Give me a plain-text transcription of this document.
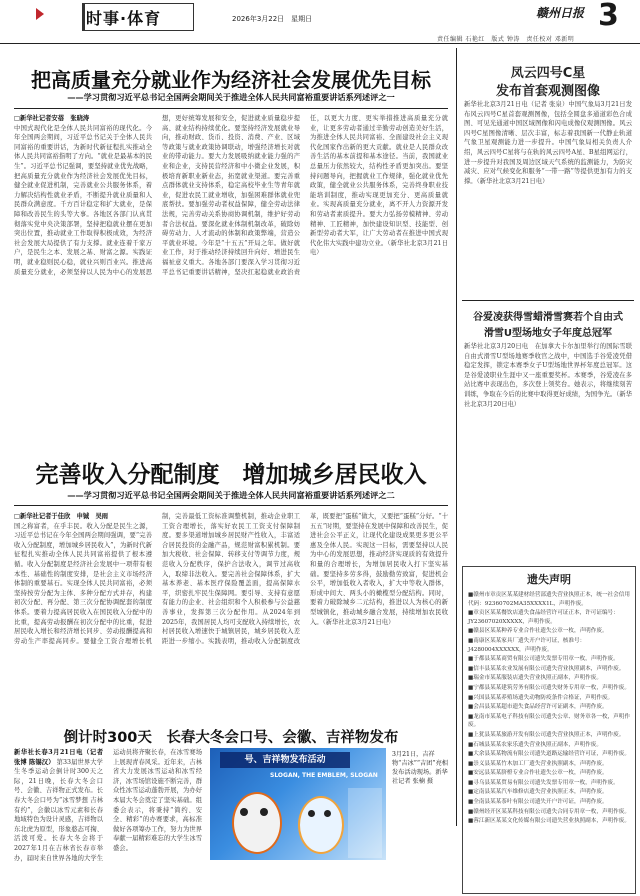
时事·体育	2026年3月22日　星期日	赣州日报 3
责任编辑 石艳红　版式 钟涛　责任校对 邓新明
把高质量充分就业作为经济社会发展优先目标
——学习贯彻习近平总书记全国两会期间关于推进全体人民共同富裕重要讲话系列述评之一
□新华社记者安蓓　张晓涛
中国式现代化是全体人民共同富裕的现代化。今年全国两会期间，习近平总书记关于全体人民共同富裕的重要讲话，为新时代新征程扎实推动全体人民共同富裕指明了方向。“就业是最基本的民生”。习近平总书记强调，要坚持就业优先战略，把高质量充分就业作为经济社会发展优先目标，健全就业促进机制，完善就业公共服务体系，着力解决结构性就业矛盾，不断提升就业质量和人民群众满意度。千方百计稳定和扩大就业，是保障和改善民生的头等大事。各地区各部门认真贯彻落实党中央决策部署，坚持把稳就业摆在更加突出位置，推动就业工作取得积极成效，为经济社会发展大局提供了有力支撑。就业连着千家万户，是民生之本、发展之基、财富之源。实践证明，就业稳则民心稳，就业兴则百业兴。推进高质量充分就业，必须坚持以人民为中心的发展思想，更好统筹发展和安全，促进就业质量稳步提高、就业结构持续优化。要坚持经济发展就业导向，推动财政、货币、投资、消费、产业、区域等政策与就业政策协调联动，增强经济增长对就业的带动能力。要大力发展吸纳就业能力强的产业和企业，支持民营经济和中小微企业发展，积极培育新职业新业态，拓宽就业渠道。要完善重点群体就业支持体系，稳定高校毕业生等青年就业，促进农民工就业增收，加强困难群体就业兜底帮扶。要加强劳动者权益保障，健全劳动法律法规，完善劳动关系协商协调机制，维护好劳动者合法权益。要深化就业体制机制改革，破除妨碍劳动力、人才流动的体制和政策弊端，营造公平就业环境。今年是“十五五”开局之年。做好就业工作，对于推动经济持续回升向好、增进民生福祉意义重大。各地各部门要深入学习贯彻习近平总书记重要讲话精神，坚决扛起稳就业政治责任，以更大力度、更实举措推进高质量充分就业，让更多劳动者通过辛勤劳动创造美好生活，为推进全体人民共同富裕、全面建设社会主义现代化国家作出新的更大贡献。就业是人民群众改善生活的基本前提和基本途径。当前，我国就业总量压力依然较大，结构性矛盾更加突出。要坚持问题导向，把握就业工作规律，强化就业优先政策，健全就业公共服务体系，完善终身职业技能培训制度，推动实现更加充分、更高质量就业。实现高质量充分就业，离不开人力资源开发和劳动者素质提升。要大力弘扬劳模精神、劳动精神、工匠精神，加快建设知识型、技能型、创新型劳动者大军，让广大劳动者在推进中国式现代化伟大实践中建功立业。（新华社北京3月21日电）
完善收入分配制度　增加城乡居民收入
——学习贯彻习近平总书记全国两会期间关于推进全体人民共同富裕重要讲话系列述评之二
□新华社记者于佳欣　申铖　吴雨
国之称富者，在乎丰民。收入分配是民生之源，习近平总书记在今年全国两会期间强调，要“完善收入分配制度，增加城乡居民收入”，为新时代新征程扎实推动全体人民共同富裕提供了根本遵循。收入分配制度是经济社会发展中一项带有根本性、基础性的制度安排，是社会主义市场经济体制的重要基石。实现全体人民共同富裕，必须坚持按劳分配为主体、多种分配方式并存，构建初次分配、再分配、第三次分配协调配套的制度体系。要着力提高居民收入在国民收入分配中的比重，提高劳动报酬在初次分配中的比重，促进居民收入增长和经济增长同步、劳动报酬提高和劳动生产率提高同步。要健全工资合理增长机制，完善最低工资标准调整机制，推动企业职工工资合理增长，落实好农民工工资支付保障制度。要多渠道增加城乡居民财产性收入，丰富适合居民投资的金融产品，规范财富积累机制。要加大税收、社会保障、转移支付等调节力度，规范收入分配秩序，保护合法收入，调节过高收入，取缔非法收入。要完善社会保障体系，扩大基本养老、基本医疗保险覆盖面，提高保障水平，织密扎牢民生保障网。要引导、支持有意愿有能力的企业、社会组织和个人积极参与公益慈善事业，发挥第三次分配作用。从2024年到2025年，我国居民人均可支配收入持续增长，农村居民收入增速快于城镇居民，城乡居民收入差距进一步缩小。实践表明，推动收入分配制度改革，既要把“蛋糕”做大，又要把“蛋糕”分好。“十五五”时期，要坚持在发展中保障和改善民生，促进社会公平正义，让现代化建设成果更多更公平惠及全体人民。实现这一目标，需要坚持以人民为中心的发展思想，推动经济实现质的有效提升和量的合理增长，为增加居民收入打下坚实基础。要坚持多劳多得，鼓励勤劳致富，促进机会公平，增加低收入者收入，扩大中等收入群体，形成中间大、两头小的橄榄型分配结构。同时，要着力破除城乡二元结构，推进以人为核心的新型城镇化，推动城乡融合发展，持续增加农民收入。（新华社北京3月21日电）
凤云四号C星
发布首套观测图像
新华社北京3月21日电（记者 张泉）中国气象局3月21日发布风云四号C星首套观测图像，包括全圆盘多通道彩色合成图、可见光通道中国区域图像和闪电成像仪观测图像。风云四号C星图像清晰、层次丰富，标志着我国新一代静止轨道气象卫星观测能力进一步提升。中国气象局相关负责人介绍，风云四号C星将与在轨的风云四号A星、B星组网运行，进一步提升对我国及周边区域天气系统的监测能力，为防灾减灾、应对气候变化和服务“一带一路”等提供更加有力的支撑。（新华社北京3月21日电）
谷爱凌获得雪蜡滑雪赛若个自由式
滑雪U型场地女子年度总冠军
新华社北京3月20日电　在加拿大卡尔加里举行的国际雪联自由式滑雪U型场地赛季收官之战中，中国选手谷爱凌凭借稳定发挥，锁定本赛季女子U型场地世界杯年度总冠军。这是谷爱凌职业生涯中又一座重要奖杯。本赛季，谷爱凌在多站比赛中表现出色，多次登上领奖台。她表示，将继续刻苦训练，争取在今后的比赛中取得更好成绩，为国争光。（新华社北京3月20日电）
遗失声明
■赣州市章贡区某某建材经营部遗失营业执照正本，统一社会信用代码：92360702MA35XXXX1L，声明作废。
■章贡区某某餐饮店遗失食品经营许可证正本，许可证编号：JY23607020XXXXX，声明作废。
■赣县区某某种养专业合作社遗失公章一枚，声明作废。
■南康区某某家具厂遗失开户许可证，核准号：J4280004XXXXXX，声明作废。
■于都县某某商贸有限公司遗失发票专用章一枚，声明作废。
■信丰县某某农业发展有限公司遗失营业执照副本，声明作废。
■瑞金市某某服装店遗失营业执照正副本，声明作废。
■宁都县某某建筑劳务有限公司遗失财务专用章一枚，声明作废。
■兴国县某某养殖场遗失动物防疫条件合格证，声明作废。
■会昌县某某超市遗失食品经营许可证副本，声明作废。
■龙南市某某电子科技有限公司遗失公章、财务章各一枚，声明作废。
■上犹县某某旅游开发有限公司遗失营业执照正本，声明作废。
■石城县某某农家乐遗失营业执照正副本，声明作废。
■大余县某某物流有限公司遗失道路运输经营许可证，声明作废。
■崇义县某某竹木加工厂遗失营业执照副本，声明作废。
■安远县某某脐橙专业合作社遗失公章一枚，声明作废。
■寻乌县某某贸易有限公司遗失发票专用章一枚，声明作废。
■定南县某某汽车维修店遗失营业执照正本，声明作废。
■全南县某某茶叶有限公司遗失开户许可证，声明作废。
■赣州经开区某某科技有限公司遗失合同专用章一枚，声明作废。
■蓉江新区某某文化传媒有限公司遗失营业执照副本，声明作废。
倒计时300天　长春大冬会口号、会徽、吉祥物发布
新华社长春3月21日电（记者 张博 陈锡汉） 第33届世界大学生冬季运动会倒计时300天之际，21日晚，长春大冬会口号、会徽、吉祥物正式发布。长春大冬会口号为“冰雪梦想 吉林有约”，会徽以冰雪元素和长春地域特色为设计灵感，吉祥物以东北虎为原型，形象憨态可掬、活泼可爱。长春大冬会将于2027年1月在吉林省长春市举办，届时来自世界各地的大学生运动员将齐聚长春，在冰雪赛场上展现青春风采。近年来，吉林省大力发展冰雪运动和冰雪经济，冰雪场馆设施不断完善，群众性冰雪运动蓬勃开展，为办好本届大冬会奠定了坚实基础。组委会表示，将秉持“简约、安全、精彩”的办赛要求，高标准做好各项筹办工作，努力为世界奉献一届精彩难忘的大学生冰雪盛会。
号、吉祥物发布活动
SLOGAN, THE EMBLEM, SLOGAN
3月21日，吉祥物“吉冰”“吉团”亮相发布活动现场。新华社记者 张楠 摄
